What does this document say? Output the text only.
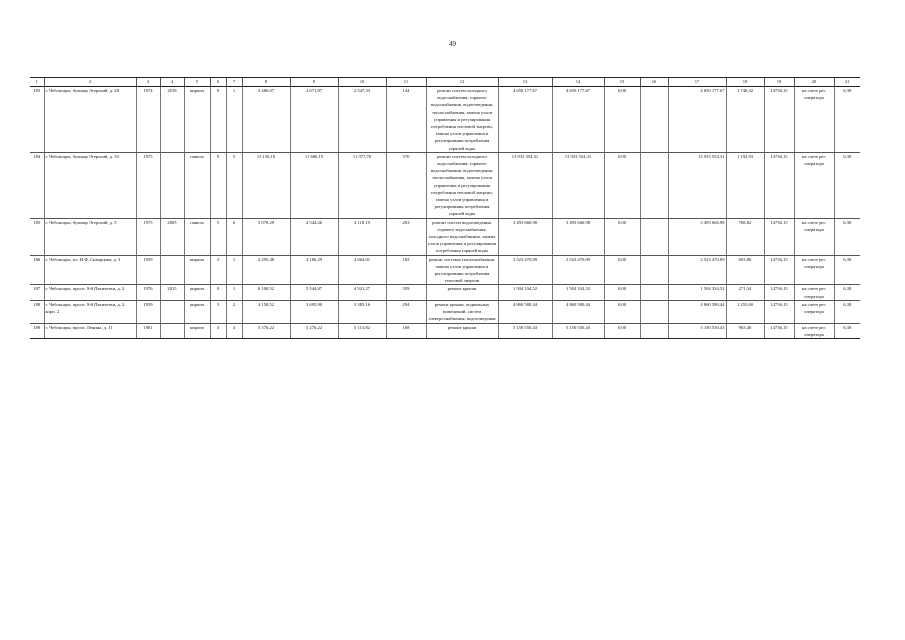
49
1	2	3	4	5	6	7	8	9	10	11	12	13	14	15	16	17	18	19	20	21
183	г. Чебоксары, бульвар Эгерский, д. 28	1974	2018	кирпич	9	1	3 486,07	2 671,87	2 547,33	144	ремонт систем холодного водоснабжения, горячего водоснабжения, водоотведения, теплоснабжения, замена узлов управления и регулирования потребления тепловой энергии, замена узлов управления и регулирования потребления горячей воды	4 650 177,67	4 650 177,67	0,00		4 650 177,67	1 740,42	14736,15	на счете рег. оператора	6,38
184	г. Чебоксары, бульвар Эгерский, д. 33	1975		панель	9	5	13 150,10	11 680,19	11 077,70	570	ремонт систем холодного водоснабжения, горячего водоснабжения, водоотведения, теплоснабжения, замена узлов управления и регулирования потребления тепловой энергии, замена узлов управления и регулирования потребления горячей воды	13 933 554,31	13 933 554,31	0,00		13 933 554,31	1 192,93	14736,15	на счете рег. оператора	6,38
185	г. Чебоксары, бульвар Эгерский, д. 5	1975	2005	панель	5	6	5 078,29	4 544,26	4 118,19	263	ремонт систем водоотведения, горячего водоснабжения, холодного водоснабжения, замена узлов управления и регулирования потребления горячей воды	3 493 666,98	3 493 666,98	0,00		3 493 666,98	768,82	14736,15	на счете рег. оператора	6,38
186	г. Чебоксары, пл. И.Ф. Скворцова, д. 3	1959		кирпич	3	1	4 295,48	4 186,29	4 064,01	183	ремонт системы теплоснабжения, замена узлов управления и регулирования потребления тепловой энергии	2 523 470,09	2 523 470,09	0,00		2 523 470,09	603,80	14736,15	на счете рег. оператора	6,38
187	г. Чебоксары, просп. 9-й Пятилетки, д. 2	1976	2015	кирпич	9	1	6 100,52	5 544,87	4 921,27	359	ремонт крыши	1 504 334,52	1 504 334,52	0,00		1 504 334,52	271,34	14736,15	на счете рег. оператора	6,38
188	г. Чебоксары, просп. 9-й Пятилетки, д. 2, корп. 2	1959		кирпич	3	2	4 158,52	3 695,90	3 385,16	294	ремонт крыши, подвальных помещений, систем электроснабжения, водоотведения	4 860 580,44	4 860 580,44	0,00		4 860 580,44	1 255,60	14736,15	на счете рег. оператора	6,38
189	г. Чебоксары, просп. Ленина, д. 11	1961		кирпич	3	4	5 576,22	5 276,22	5 113,82	168	ремонт крыши	5 150 550,43	5 150 550,43	0,00		5 150 550,43	963,40	14736,15	на счете рег. оператора	6,38
